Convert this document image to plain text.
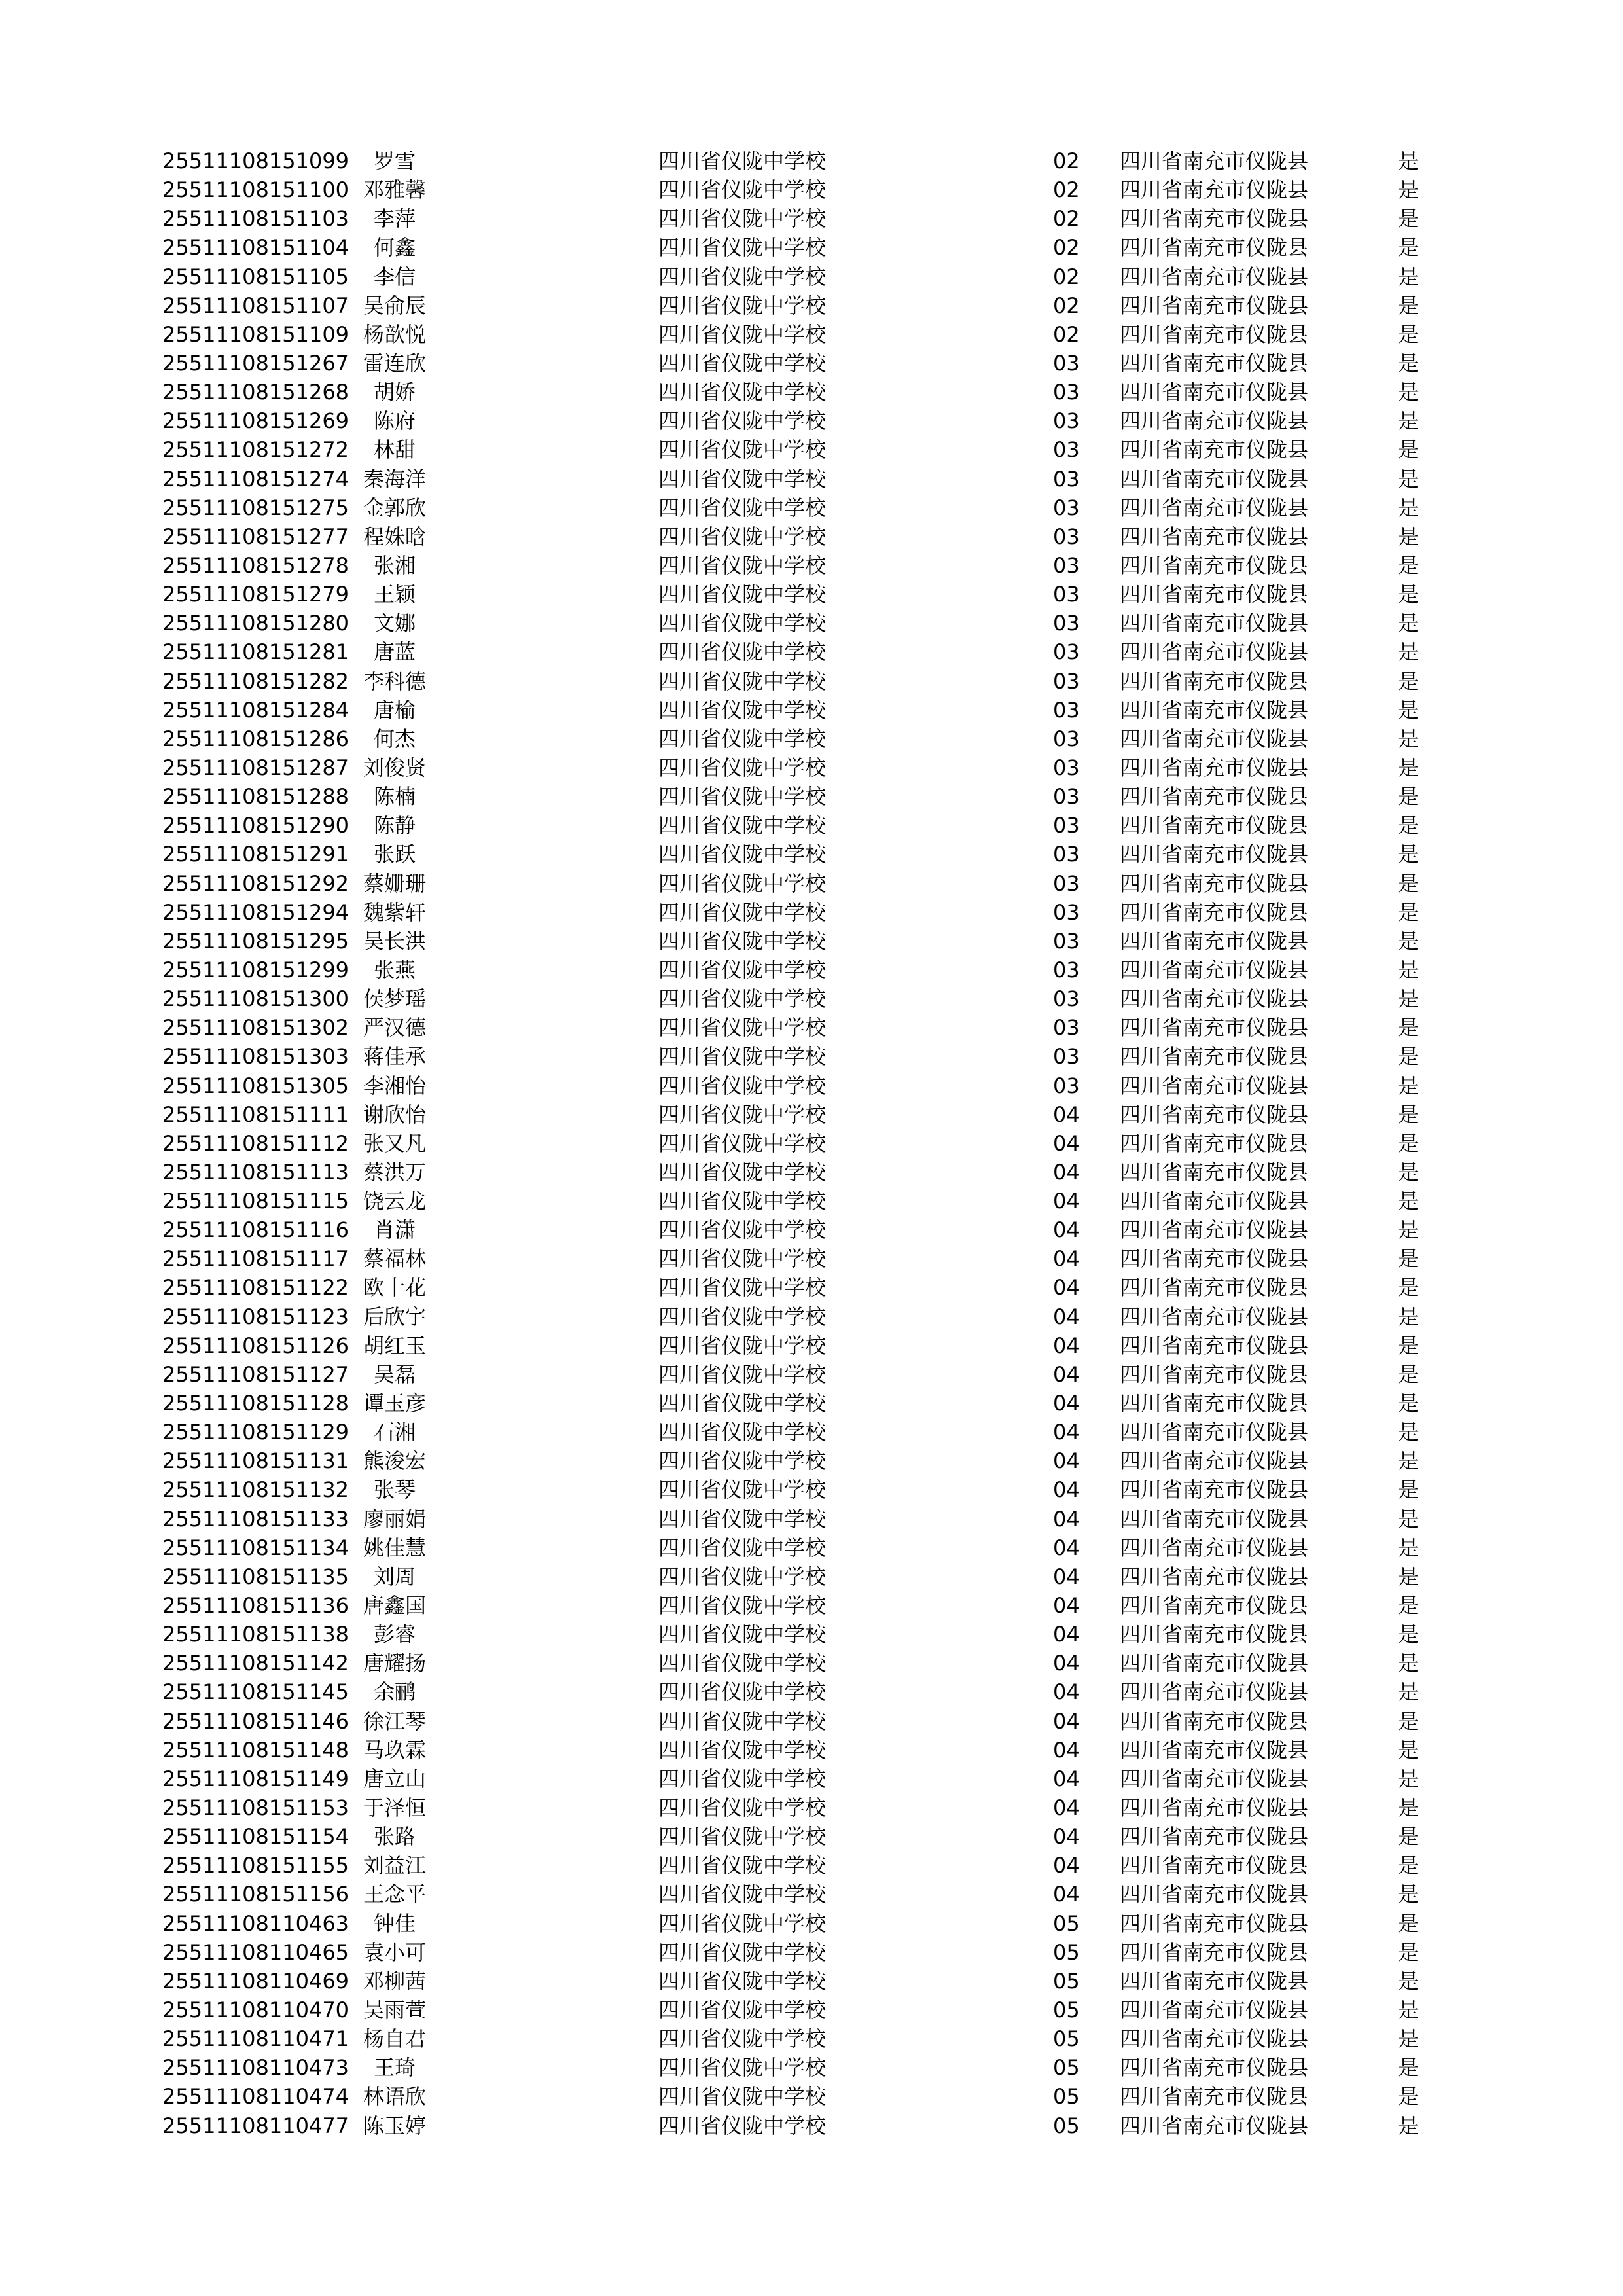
25511108151099	罗雪	四川省仪陇中学校	02 四川省南充市仪陇县	是
25511108151100 邓雅馨	四川省仪陇中学校	02 四川省南充市仪陇县	是
25511108151103	李萍	四川省仪陇中学校	02 四川省南充市仪陇县	是
25511108151104	何鑫	四川省仪陇中学校	02 四川省南充市仪陇县	是
25511108151105	李信	四川省仪陇中学校	02 四川省南充市仪陇县	是
25511108151107 吴俞辰	四川省仪陇中学校	02 四川省南充市仪陇县	是
25511108151109 杨歆悦	四川省仪陇中学校	02 四川省南充市仪陇县	是
25511108151267 雷连欣	四川省仪陇中学校	03 四川省南充市仪陇县	是
25511108151268	胡娇	四川省仪陇中学校	03 四川省南充市仪陇县	是
25511108151269	陈府	四川省仪陇中学校	03 四川省南充市仪陇县	是
25511108151272	林甜	四川省仪陇中学校	03 四川省南充市仪陇县	是
25511108151274 秦海洋	四川省仪陇中学校	03 四川省南充市仪陇县	是
25511108151275 金郭欣	四川省仪陇中学校	03 四川省南充市仪陇县	是
25511108151277 程姝晗	四川省仪陇中学校	03 四川省南充市仪陇县	是
25511108151278	张湘	四川省仪陇中学校	03 四川省南充市仪陇县	是
25511108151279	王颖	四川省仪陇中学校	03 四川省南充市仪陇县	是
25511108151280	文娜	四川省仪陇中学校	03 四川省南充市仪陇县	是
25511108151281	唐蓝	四川省仪陇中学校	03 四川省南充市仪陇县	是
25511108151282 李科德	四川省仪陇中学校	03 四川省南充市仪陇县	是
25511108151284	唐榆	四川省仪陇中学校	03 四川省南充市仪陇县	是
25511108151286	何杰	四川省仪陇中学校	03 四川省南充市仪陇县	是
25511108151287 刘俊贤	四川省仪陇中学校	03 四川省南充市仪陇县	是
25511108151288	陈楠	四川省仪陇中学校	03 四川省南充市仪陇县	是
25511108151290	陈静	四川省仪陇中学校	03 四川省南充市仪陇县	是
25511108151291	张跃	四川省仪陇中学校	03 四川省南充市仪陇县	是
25511108151292 蔡姗珊	四川省仪陇中学校	03 四川省南充市仪陇县	是
25511108151294 魏紫轩	四川省仪陇中学校	03 四川省南充市仪陇县	是
25511108151295 吴长洪	四川省仪陇中学校	03 四川省南充市仪陇县	是
25511108151299	张燕	四川省仪陇中学校	03 四川省南充市仪陇县	是
25511108151300 侯梦瑶	四川省仪陇中学校	03 四川省南充市仪陇县	是
25511108151302 严汉德	四川省仪陇中学校	03 四川省南充市仪陇县	是
25511108151303 蒋佳承	四川省仪陇中学校	03 四川省南充市仪陇县	是
25511108151305 李湘怡	四川省仪陇中学校	03 四川省南充市仪陇县	是
25511108151111 谢欣怡	四川省仪陇中学校	04 四川省南充市仪陇县	是
25511108151112 张又凡	四川省仪陇中学校	04 四川省南充市仪陇县	是
25511108151113 蔡洪万	四川省仪陇中学校	04 四川省南充市仪陇县	是
25511108151115 饶云龙	四川省仪陇中学校	04 四川省南充市仪陇县	是
25511108151116	肖潇	四川省仪陇中学校	04 四川省南充市仪陇县	是
25511108151117 蔡福林	四川省仪陇中学校	04 四川省南充市仪陇县	是
25511108151122 欧十花	四川省仪陇中学校	04 四川省南充市仪陇县	是
25511108151123 后欣宇	四川省仪陇中学校	04 四川省南充市仪陇县	是
25511108151126 胡红玉	四川省仪陇中学校	04 四川省南充市仪陇县	是
25511108151127	吴磊	四川省仪陇中学校	04 四川省南充市仪陇县	是
25511108151128 谭玉彦	四川省仪陇中学校	04 四川省南充市仪陇县	是
25511108151129	石湘	四川省仪陇中学校	04 四川省南充市仪陇县	是
25511108151131 熊浚宏	四川省仪陇中学校	04 四川省南充市仪陇县	是
25511108151132	张琴	四川省仪陇中学校	04 四川省南充市仪陇县	是
25511108151133 廖丽娟	四川省仪陇中学校	04 四川省南充市仪陇县	是
25511108151134 姚佳慧	四川省仪陇中学校	04 四川省南充市仪陇县	是
25511108151135	刘周	四川省仪陇中学校	04 四川省南充市仪陇县	是
25511108151136 唐鑫国	四川省仪陇中学校	04 四川省南充市仪陇县	是
25511108151138	彭睿	四川省仪陇中学校	04 四川省南充市仪陇县	是
25511108151142 唐耀扬	四川省仪陇中学校	04 四川省南充市仪陇县	是
25511108151145	余鹂	四川省仪陇中学校	04 四川省南充市仪陇县	是
25511108151146 徐江琴	四川省仪陇中学校	04 四川省南充市仪陇县	是
25511108151148 马玖霖	四川省仪陇中学校	04 四川省南充市仪陇县	是
25511108151149 唐立山	四川省仪陇中学校	04 四川省南充市仪陇县	是
25511108151153 于泽恒	四川省仪陇中学校	04 四川省南充市仪陇县	是
25511108151154	张路	四川省仪陇中学校	04 四川省南充市仪陇县	是
25511108151155 刘益江	四川省仪陇中学校	04 四川省南充市仪陇县	是
25511108151156 王念平	四川省仪陇中学校	04 四川省南充市仪陇县	是
25511108110463	钟佳	四川省仪陇中学校	05 四川省南充市仪陇县	是
25511108110465 袁小可	四川省仪陇中学校	05 四川省南充市仪陇县	是
25511108110469 邓柳茜	四川省仪陇中学校	05 四川省南充市仪陇县	是
25511108110470 吴雨萱	四川省仪陇中学校	05 四川省南充市仪陇县	是
25511108110471 杨自君	四川省仪陇中学校	05 四川省南充市仪陇县	是
25511108110473	王琦	四川省仪陇中学校	05 四川省南充市仪陇县	是
25511108110474 林语欣	四川省仪陇中学校	05 四川省南充市仪陇县	是
25511108110477 陈玉婷	四川省仪陇中学校	05 四川省南充市仪陇县	是
